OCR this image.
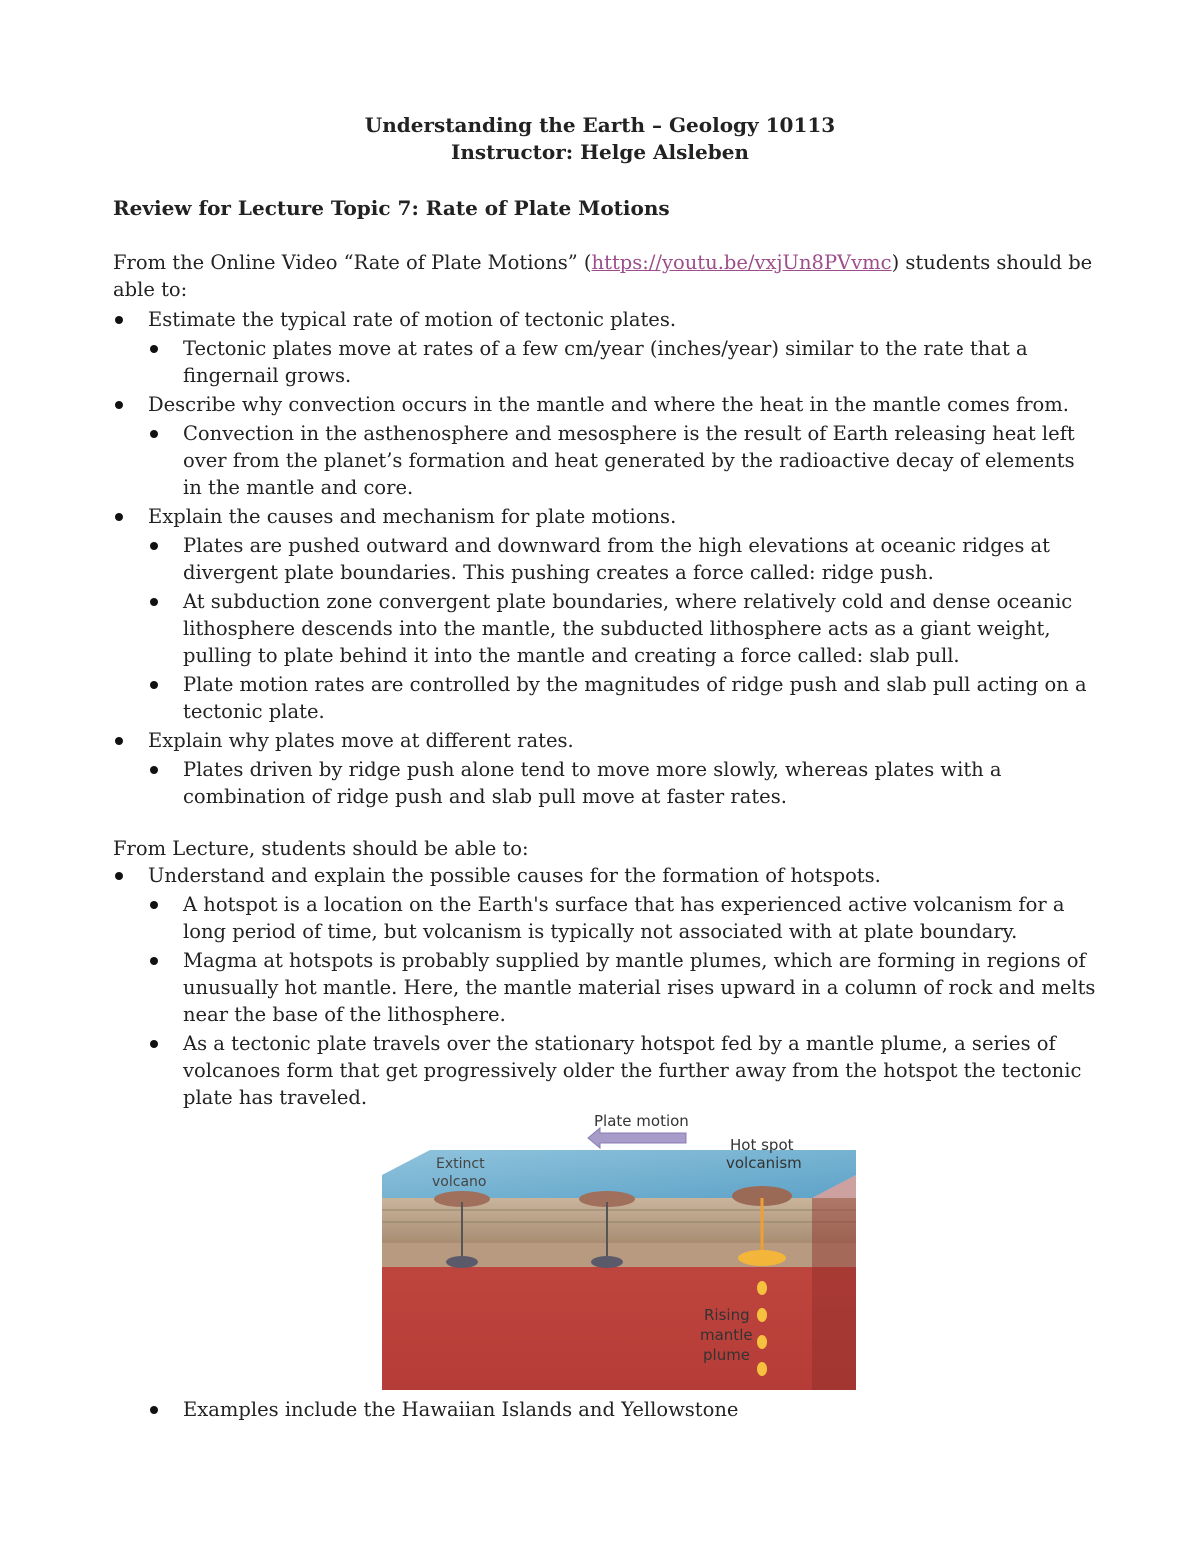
Understanding the Earth – Geology 10113
Instructor: Helge Alsleben
Review for Lecture Topic 7: Rate of Plate Motions
From the Online Video “Rate of Plate Motions” (https://youtu.be/vxjUn8PVvmc) students should be able to:
Estimate the typical rate of motion of tectonic plates.
Tectonic plates move at rates of a few cm/year (inches/year) similar to the rate that a fingernail grows.
Describe why convection occurs in the mantle and where the heat in the mantle comes from.
Convection in the asthenosphere and mesosphere is the result of Earth releasing heat left over from the planet’s formation and heat generated by the radioactive decay of elements in the mantle and core.
Explain the causes and mechanism for plate motions.
Plates are pushed outward and downward from the high elevations at oceanic ridges at divergent plate boundaries. This pushing creates a force called: ridge push.
At subduction zone convergent plate boundaries, where relatively cold and dense oceanic lithosphere descends into the mantle, the subducted lithosphere acts as a giant weight, pulling to plate behind it into the mantle and creating a force called: slab pull.
Plate motion rates are controlled by the magnitudes of ridge push and slab pull acting on a tectonic plate.
Explain why plates move at different rates.
Plates driven by ridge push alone tend to move more slowly, whereas plates with a combination of ridge push and slab pull move at faster rates.
From Lecture, students should be able to:
Understand and explain the possible causes for the formation of hotspots.
A hotspot is a location on the Earth's surface that has experienced active volcanism for a long period of time, but volcanism is typically not associated with at plate boundary.
Magma at hotspots is probably supplied by mantle plumes, which are forming in regions of unusually hot mantle. Here, the mantle material rises upward in a column of rock and melts near the base of the lithosphere.
As a tectonic plate travels over the stationary hotspot fed by a mantle plume, a series of volcanoes form that get progressively older the further away from the hotspot the tectonic plate has traveled.
Plate motion
Hot spot
volcanism
Extinct
volcano
Rising
mantle
plume
Examples include the Hawaiian Islands and Yellowstone
